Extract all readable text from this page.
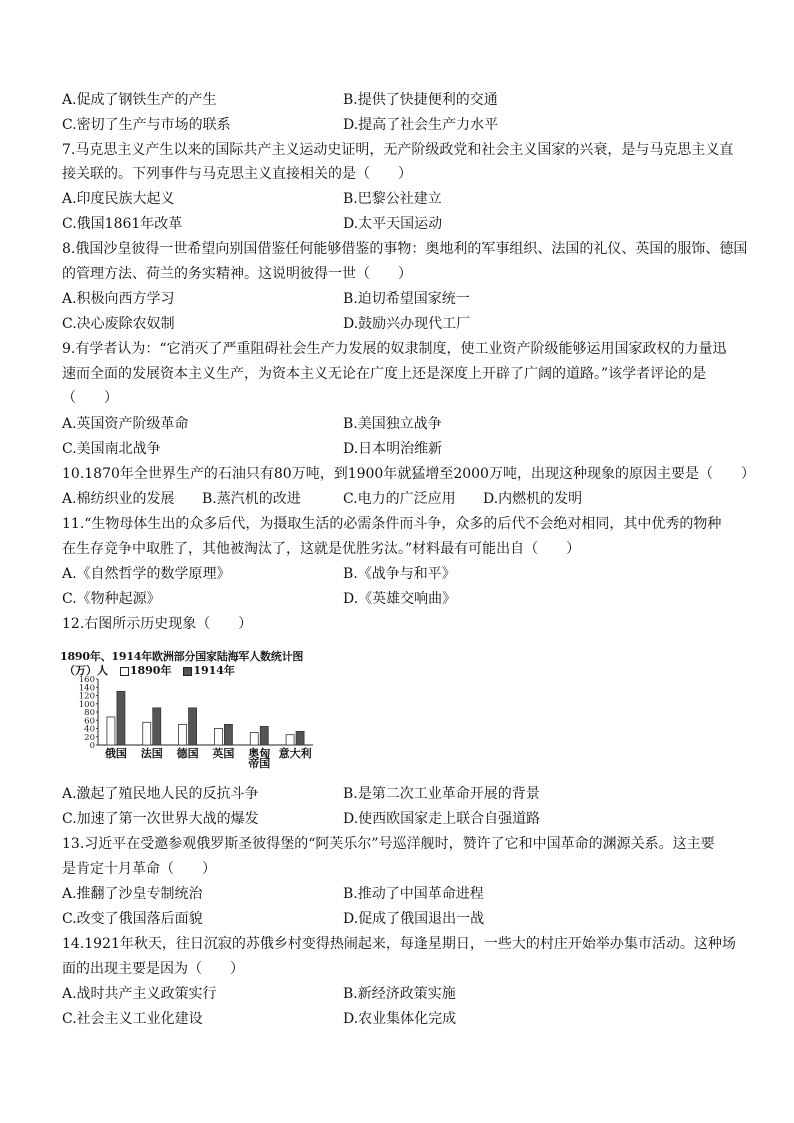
A.促成了钢铁生产的产生	B.提供了快捷便利的交通
C.密切了生产与市场的联系	D.提高了社会生产力水平
7.马克思主义产生以来的国际共产主义运动史证明，无产阶级政党和社会主义国家的兴衰，是与马克思主义直
接关联的。下列事件与马克思主义直接相关的是（　　）
A.印度民族大起义	B.巴黎公社建立
C.俄国1861年改革	D.太平天国运动
8.俄国沙皇彼得一世希望向别国借鉴任何能够借鉴的事物：奥地利的军事组织、法国的礼仪、英国的服饰、德国
的管理方法、荷兰的务实精神。这说明彼得一世（　　）
A.积极向西方学习	B.迫切希望国家统一
C.决心废除农奴制	D.鼓励兴办现代工厂
9.有学者认为：“它消灭了严重阻碍社会生产力发展的奴隶制度，使工业资产阶级能够运用国家政权的力量迅
速而全面的发展资本主义生产，为资本主义无论在广度上还是深度上开辟了广阔的道路。”该学者评论的是
（　　）
A.英国资产阶级革命	B.美国独立战争
C.美国南北战争	D.日本明治维新
10.1870年全世界生产的石油只有80万吨，到1900年就猛增至2000万吨，出现这种现象的原因主要是（　　）
A.棉纺织业的发展 B.蒸汽机的改进	C.电力的广泛应用 D.内燃机的发明
11.“生物母体生出的众多后代，为摄取生活的必需条件而斗争，众多的后代不会绝对相同，其中优秀的物种
在生存竞争中取胜了，其他被淘汰了，这就是优胜劣汰。”材料最有可能出自（　　）
A.《自然哲学的数学原理》	B.《战争与和平》
C.《物种起源》	D.《英雄交响曲》
12.右图所示历史现象（　　）
1890年、1914年欧洲部分国家陆海军人数统计图
（万）人 1890年 1914年
0
20
40
60
80
100
120
140
160
俄国 法国 德国 英国 奥匈
帝国
意大利
A.激起了殖民地人民的反抗斗争	B.是第二次工业革命开展的背景
C.加速了第一次世界大战的爆发	D.使西欧国家走上联合自强道路
13.习近平在受邀参观俄罗斯圣彼得堡的“阿芙乐尔”号巡洋舰时，赞许了它和中国革命的渊源关系。这主要
是肯定十月革命（　　）
A.推翻了沙皇专制统治	B.推动了中国革命进程
C.改变了俄国落后面貌	D.促成了俄国退出一战
14.1921年秋天，往日沉寂的苏俄乡村变得热闹起来，每逢星期日，一些大的村庄开始举办集市活动。这种场
面的出现主要是因为（　　）
A.战时共产主义政策实行	B.新经济政策实施
C.社会主义工业化建设	D.农业集体化完成
